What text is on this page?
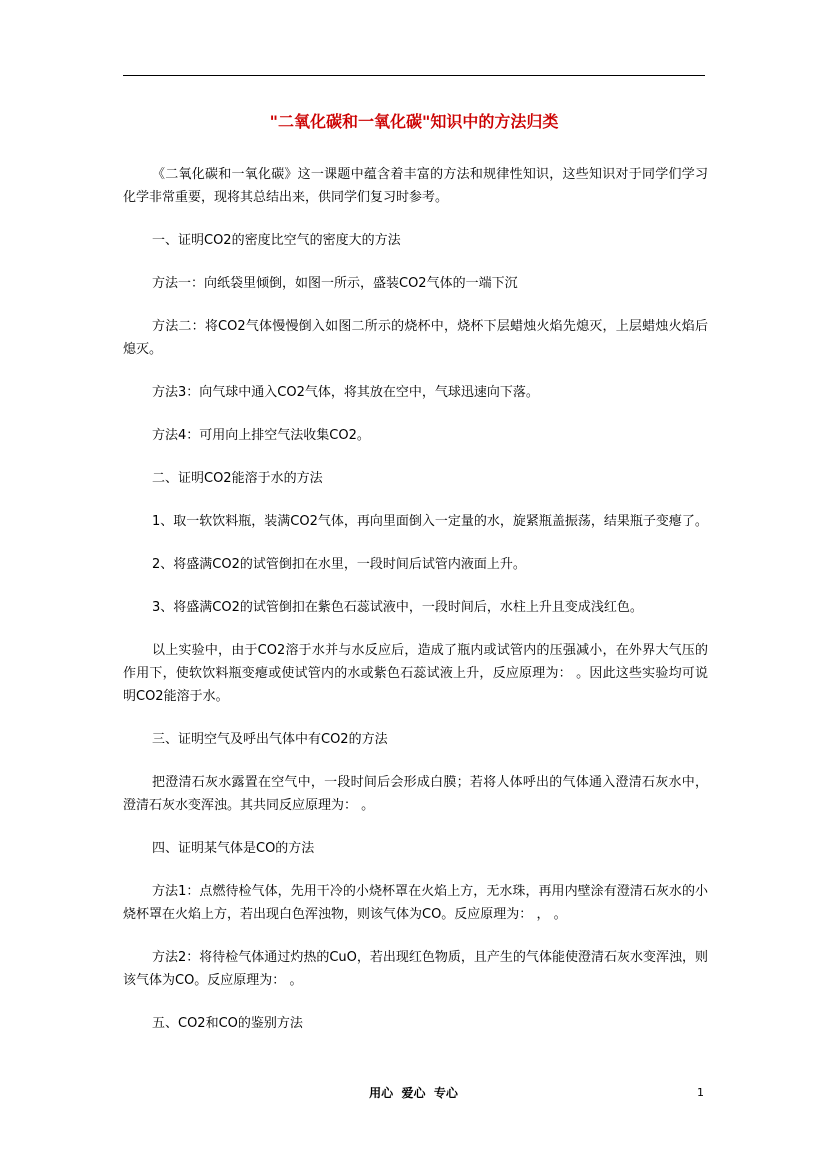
"二氧化碳和一氧化碳"知识中的方法归类

《二氧化碳和一氧化碳》这一课题中蕴含着丰富的方法和规律性知识，这些知识对于同学们学习化学非常重要，现将其总结出来，供同学们复习时参考。

一、证明CO2的密度比空气的密度大的方法

方法一：向纸袋里倾倒，如图一所示，盛装CO2气体的一端下沉

方法二：将CO2气体慢慢倒入如图二所示的烧杯中，烧杯下层蜡烛火焰先熄灭，上层蜡烛火焰后熄灭。

方法3：向气球中通入CO2气体，将其放在空中，气球迅速向下落。

方法4：可用向上排空气法收集CO2。

二、证明CO2能溶于水的方法

1、取一软饮料瓶，装满CO2气体，再向里面倒入一定量的水，旋紧瓶盖振荡，结果瓶子变瘪了。

2、将盛满CO2的试管倒扣在水里，一段时间后试管内液面上升。

3、将盛满CO2的试管倒扣在紫色石蕊试液中，一段时间后，水柱上升且变成浅红色。

以上实验中，由于CO2溶于水并与水反应后，造成了瓶内或试管内的压强减小，在外界大气压的作用下，使软饮料瓶变瘪或使试管内的水或紫色石蕊试液上升，反应原理为： 。因此这些实验均可说明CO2能溶于水。

三、证明空气及呼出气体中有CO2的方法

把澄清石灰水露置在空气中，一段时间后会形成白膜；若将人体呼出的气体通入澄清石灰水中，澄清石灰水变浑浊。其共同反应原理为： 。

四、证明某气体是CO的方法

方法1：点燃待检气体，先用干冷的小烧杯罩在火焰上方，无水珠，再用内壁涂有澄清石灰水的小烧杯罩在火焰上方，若出现白色浑浊物，则该气体为CO。反应原理为： ， 。

方法2：将待检气体通过灼热的CuO，若出现红色物质，且产生的气体能使澄清石灰水变浑浊，则该气体为CO。反应原理为： 。

五、CO2和CO的鉴别方法

用心  爱心  专心	1
